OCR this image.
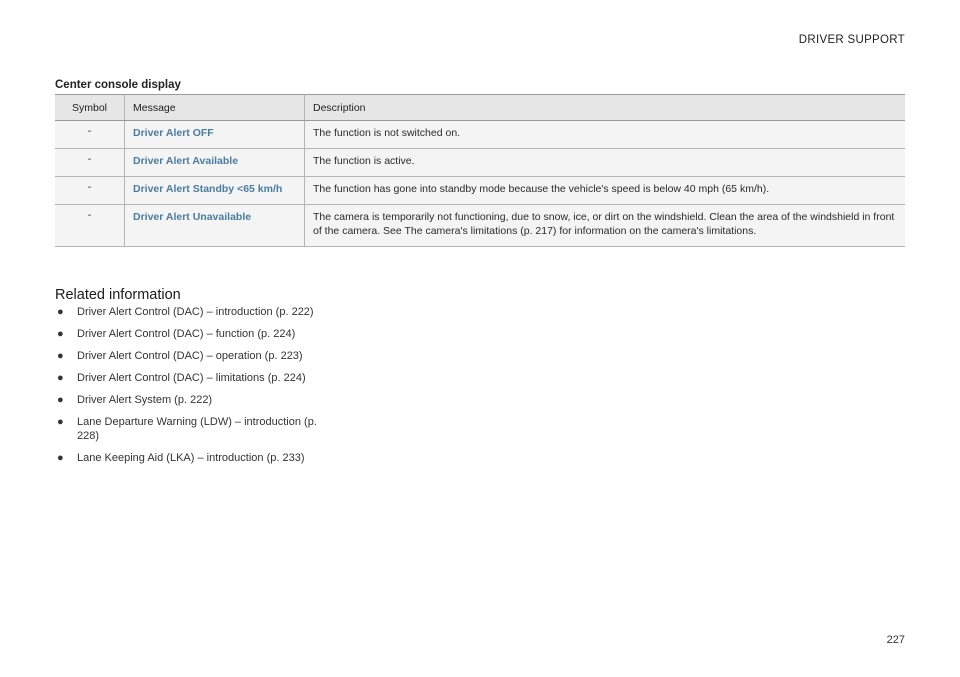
DRIVER SUPPORT
Center console display
Symbol	Message	Description
-	Driver Alert OFF	The function is not switched on.
-	Driver Alert Available	The function is active.
-	Driver Alert Standby <65 km/h	The function has gone into standby mode because the vehicle's speed is below 40 mph (65 km/h).
-	Driver Alert Unavailable	The camera is temporarily not functioning, due to snow, ice, or dirt on the windshield. Clean the area of the windshield in front of the camera. See The camera's limitations (p. 217) for information on the camera's limitations.
Related information
● Driver Alert Control (DAC) – introduction (p. 222)
● Driver Alert Control (DAC) – function (p. 224)
● Driver Alert Control (DAC) – operation (p. 223)
● Driver Alert Control (DAC) – limitations (p. 224)
● Driver Alert System (p. 222)
● Lane Departure Warning (LDW) – introduction (p. 228)
● Lane Keeping Aid (LKA) – introduction (p. 233)
227
